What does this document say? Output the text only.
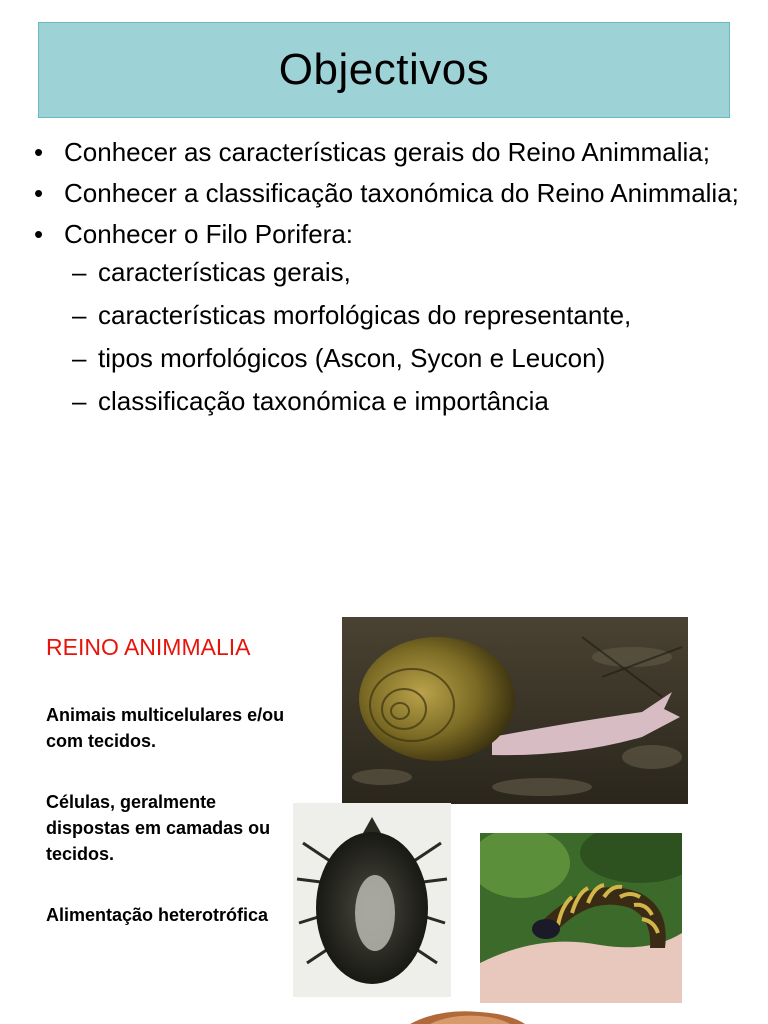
Objectivos
• Conhecer as características gerais do Reino Animmalia;
• Conhecer a classificação taxonómica do Reino Animmalia;
• Conhecer o Filo Porifera:
– características gerais,
– características morfológicas do representante,
– tipos morfológicos (Ascon, Sycon e Leucon)
– classificação taxonómica e importância
REINO ANIMMALIA

Animais multicelulares e/ou com tecidos.

Células, geralmente dispostas em camadas ou tecidos.

Alimentação heterotrófica
